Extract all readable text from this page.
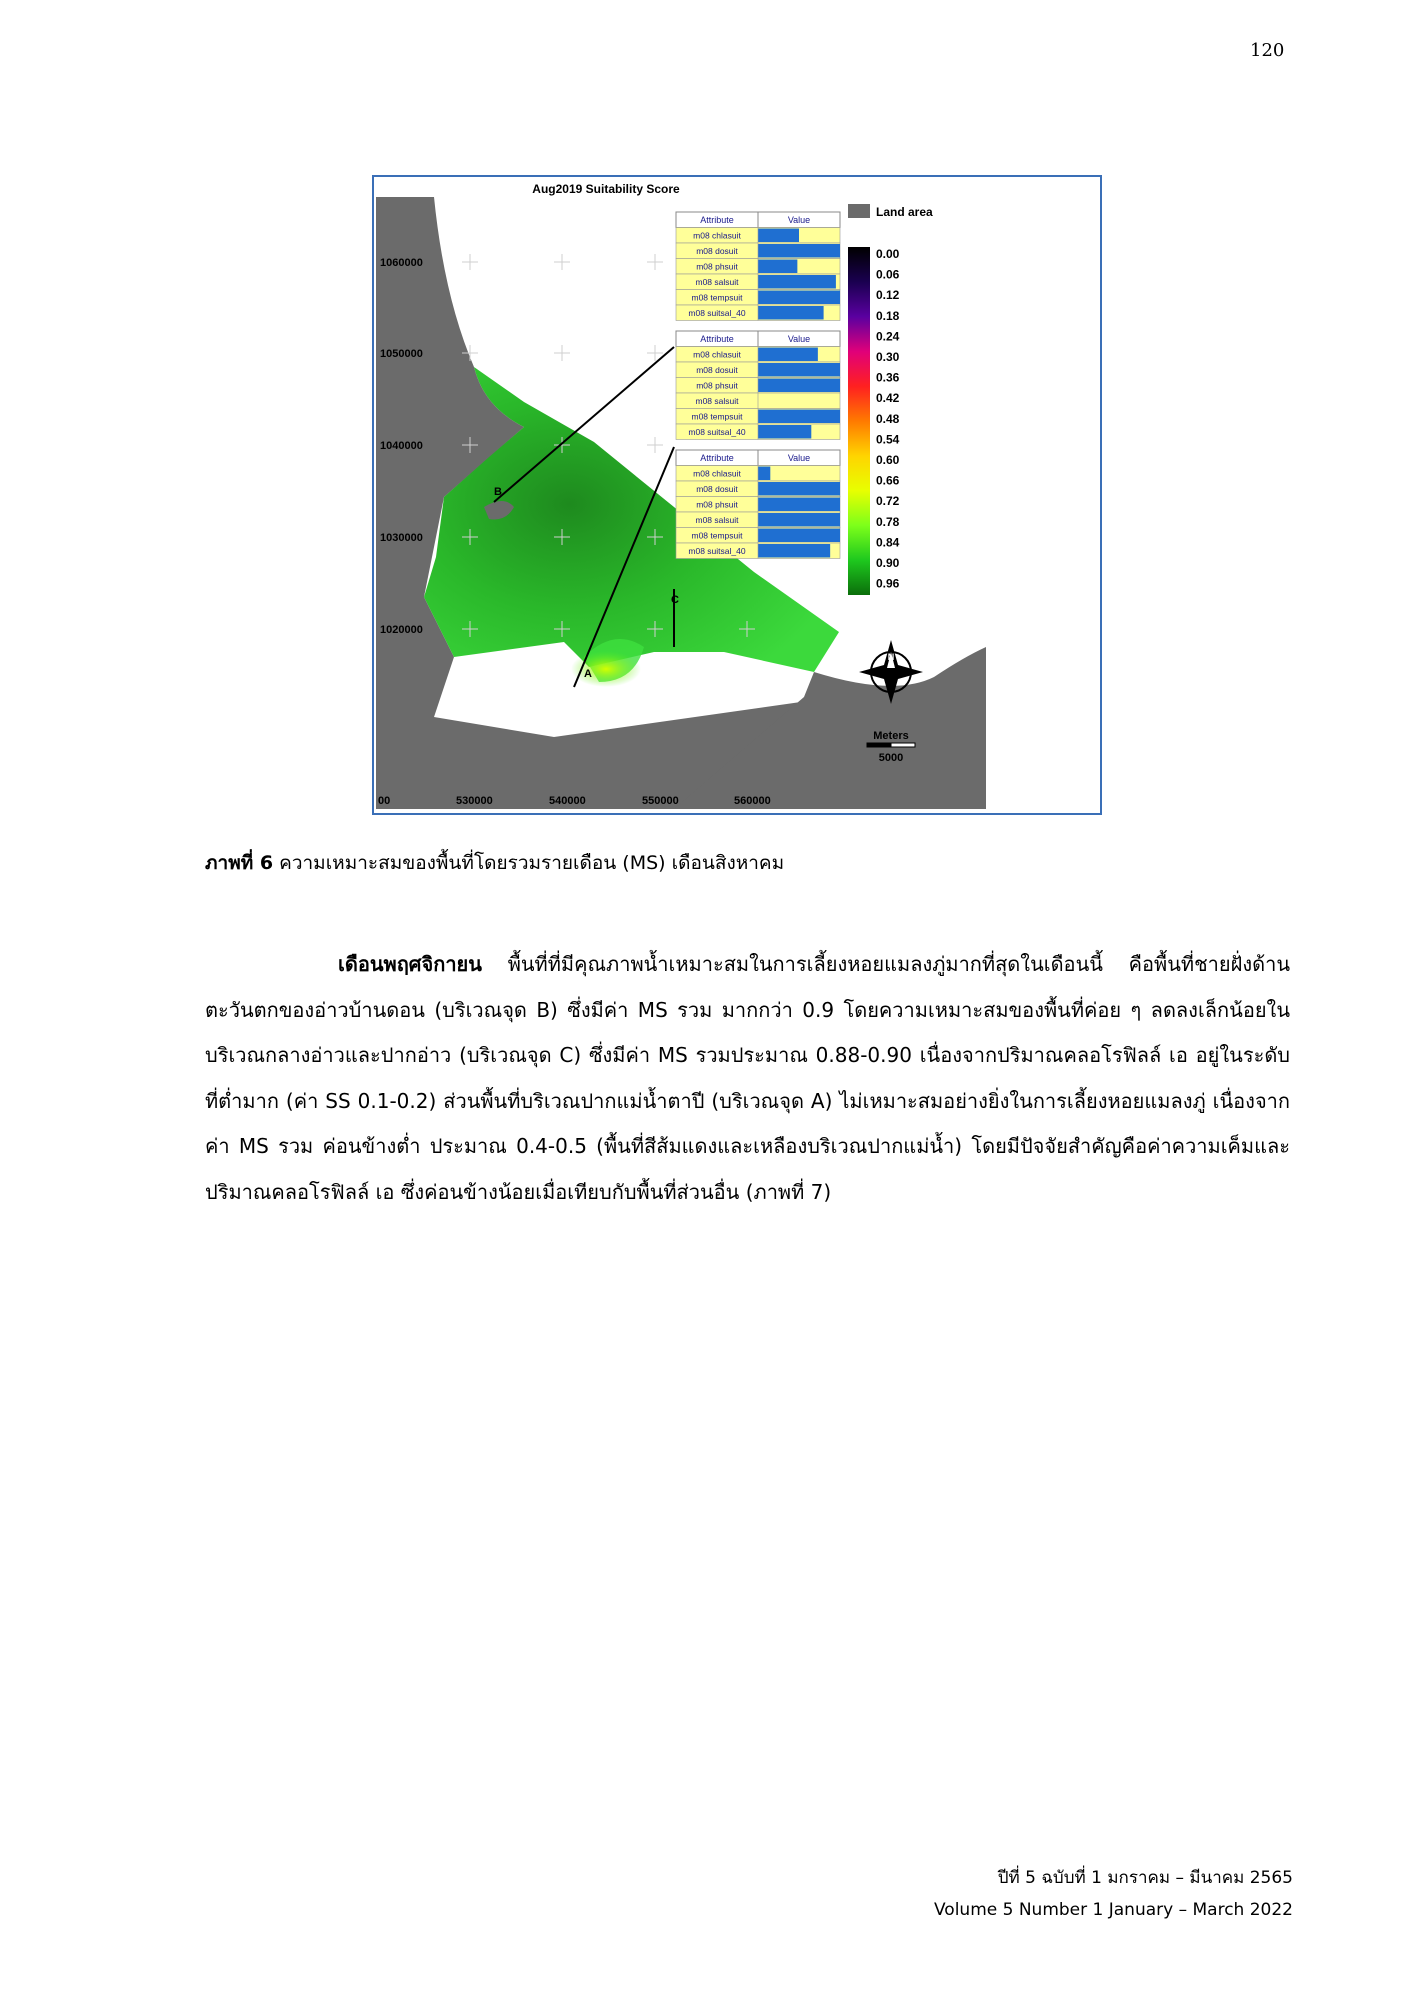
120
Aug2019 Suitability Score
1060000
1050000
1040000
1030000
1020000
00	530000	540000	550000	560000
A
B
C
Attribute	Value
m08 chlasuit
m08 dosuit
m08 phsuit
m08 salsuit
m08 tempsuit
m08 suitsal_40
Attribute	Value
m08 chlasuit
m08 dosuit
m08 phsuit
m08 salsuit
m08 tempsuit
m08 suitsal_40
Attribute	Value
m08 chlasuit
m08 dosuit
m08 phsuit
m08 salsuit
m08 tempsuit
m08 suitsal_40
Land area
0.00
0.06
0.12
0.18
0.24
0.30
0.36
0.42
0.48
0.54
0.60
0.66
0.72
0.78
0.84
0.90
0.96
N
Meters
5000
ภาพที่ 6 ความเหมาะสมของพื้นที่โดยรวมรายเดือน (MS) เดือนสิงหาคม
เดือนพฤศจิกายน พื้นที่ที่มีคุณภาพน้ำเหมาะสมในการเลี้ยงหอยแมลงภู่มากที่สุดในเดือนนี้ คือพื้นที่ชายฝั่งด้านตะวันตกของอ่าวบ้านดอน (บริเวณจุด B) ซึ่งมีค่า MS รวม มากกว่า 0.9 โดยความเหมาะสมของพื้นที่ค่อย ๆ ลดลงเล็กน้อยในบริเวณกลางอ่าวและปากอ่าว (บริเวณจุด C) ซึ่งมีค่า MS รวมประมาณ 0.88-0.90 เนื่องจากปริมาณคลอโรฟิลล์ เอ อยู่ในระดับที่ต่ำมาก (ค่า SS 0.1-0.2) ส่วนพื้นที่บริเวณปากแม่น้ำตาปี (บริเวณจุด A) ไม่เหมาะสมอย่างยิ่งในการเลี้ยงหอยแมลงภู่ เนื่องจากค่า MS รวม ค่อนข้างต่ำ ประมาณ 0.4-0.5 (พื้นที่สีส้มแดงและเหลืองบริเวณปากแม่น้ำ) โดยมีปัจจัยสำคัญคือค่าความเค็มและปริมาณคลอโรฟิลล์ เอ ซึ่งค่อนข้างน้อยเมื่อเทียบกับพื้นที่ส่วนอื่น (ภาพที่ 7)
ปีที่ 5 ฉบับที่ 1 มกราคม – มีนาคม 2565
Volume 5 Number 1 January – March 2022
